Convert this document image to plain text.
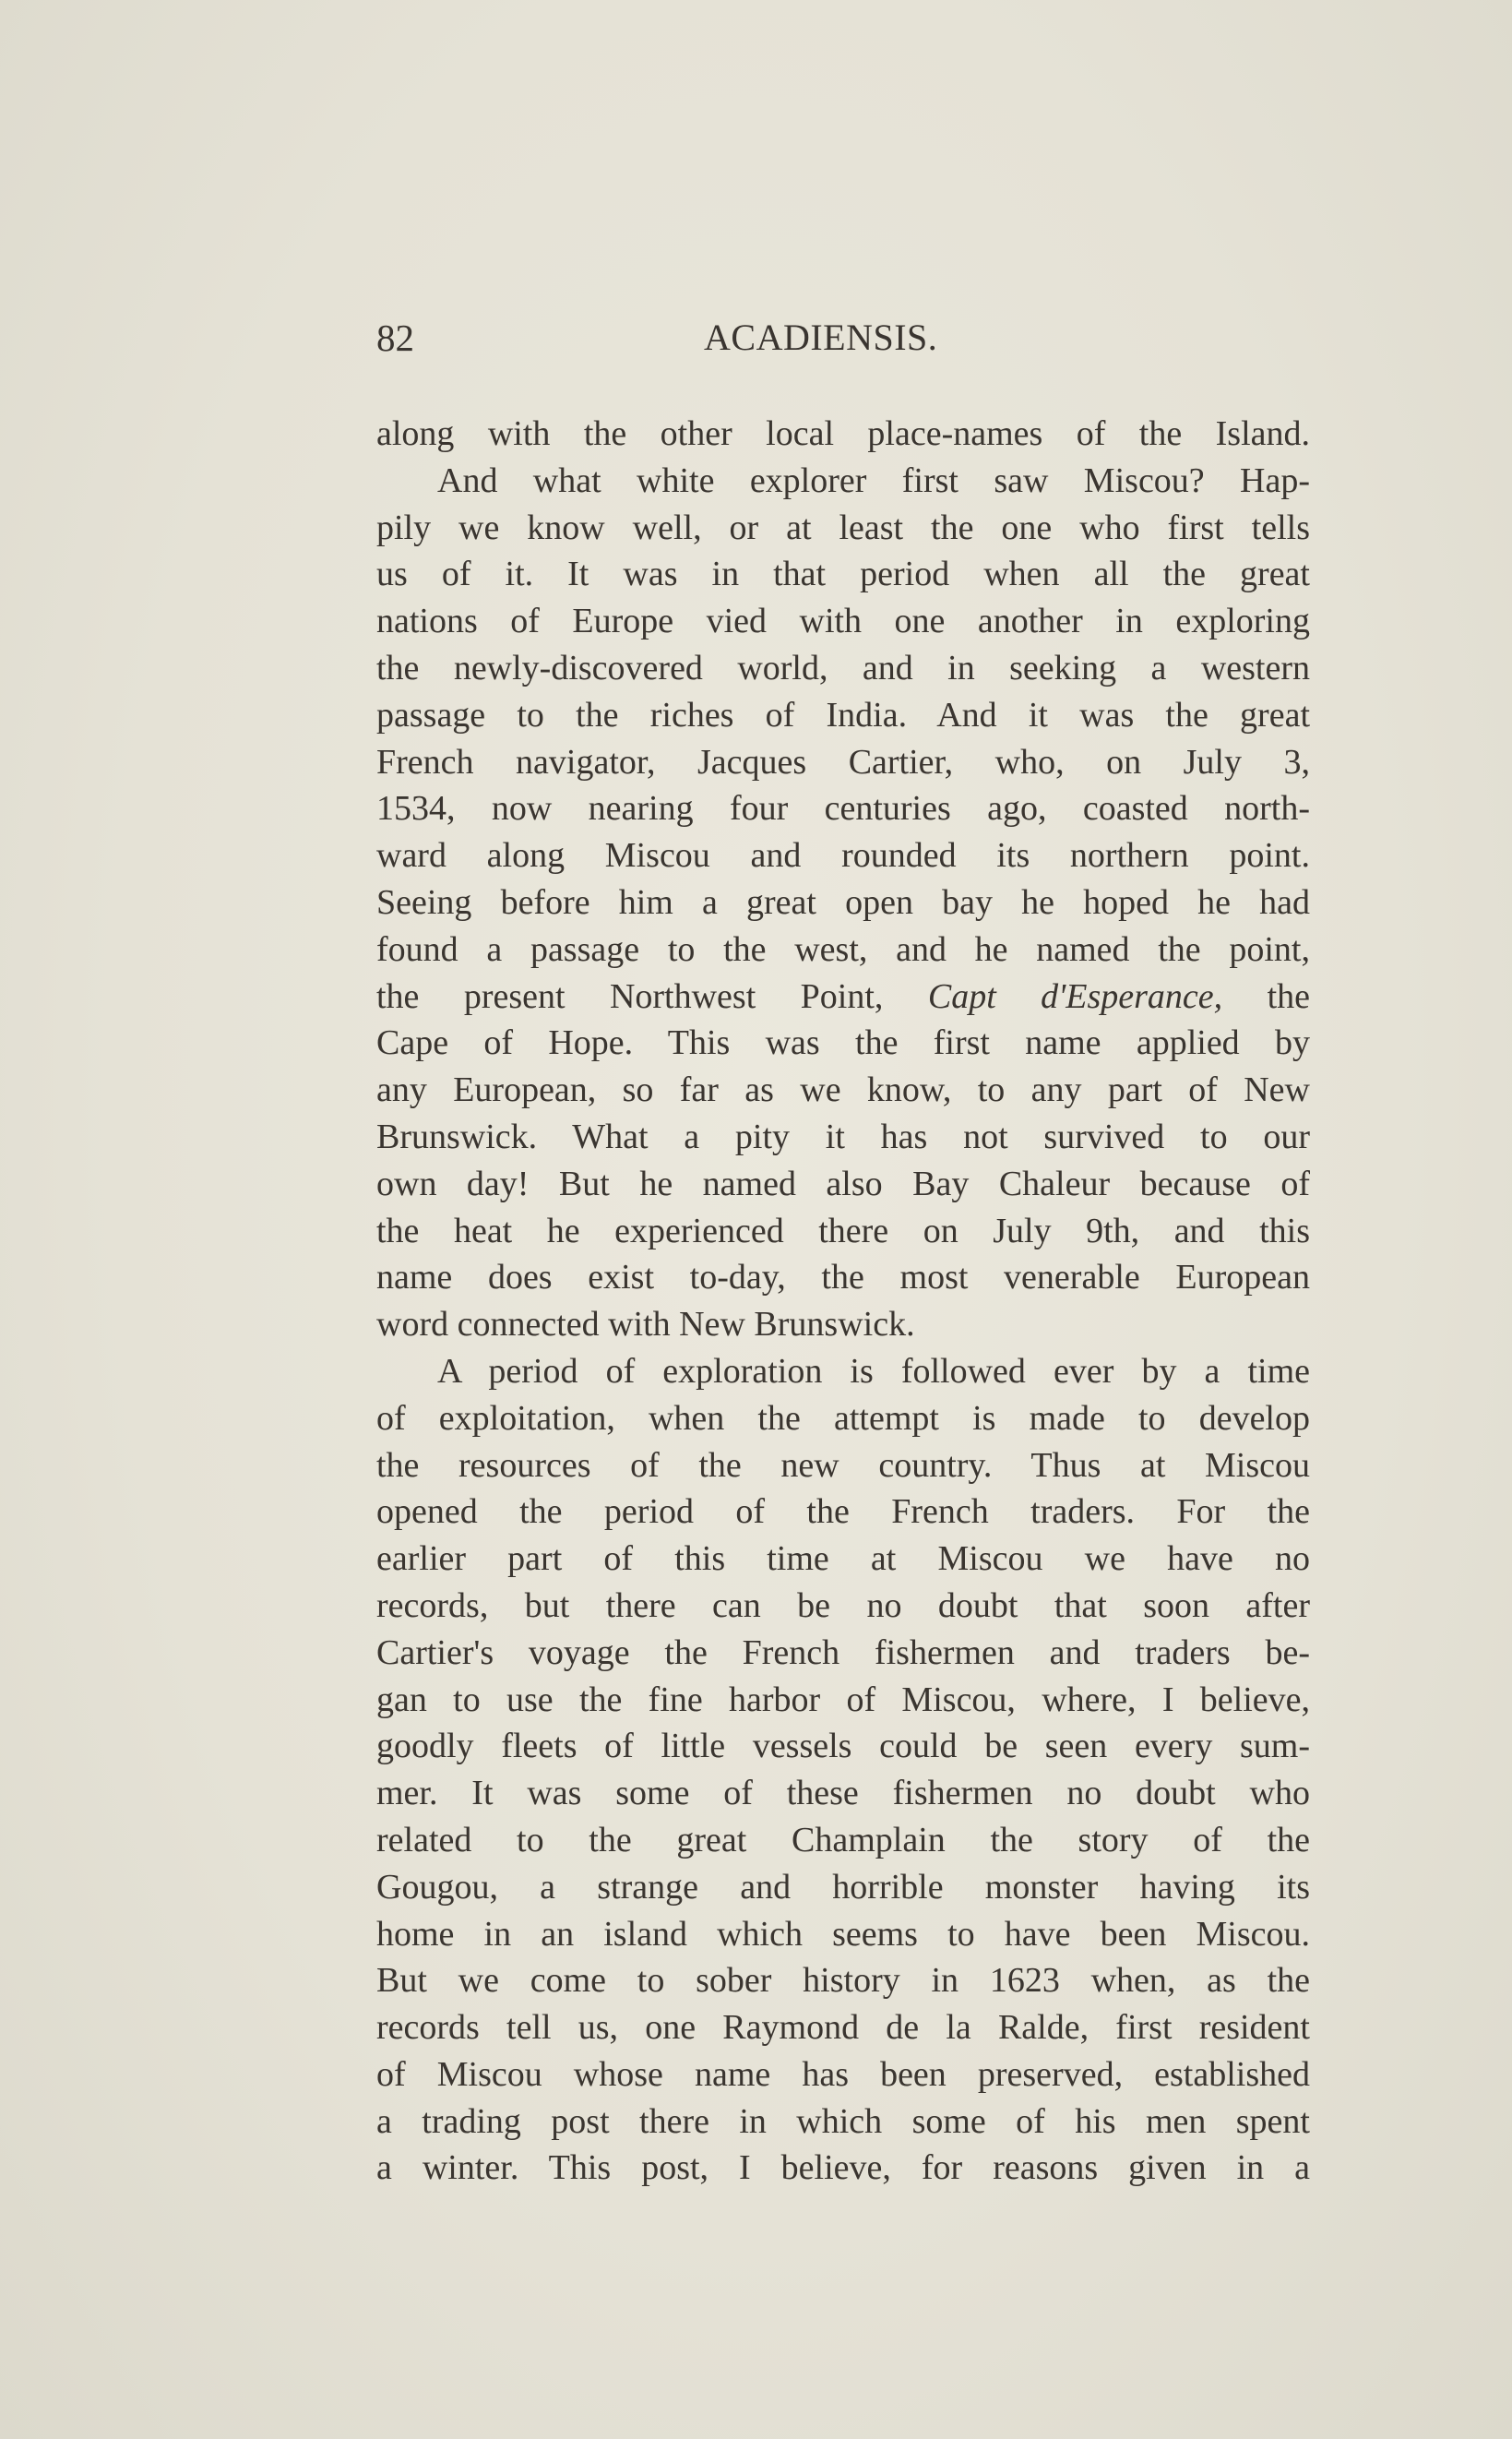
82	ACADIENSIS.
along with the other local place-names of the Island.
And what white explorer first saw Miscou? Hap-
pily we know well, or at least the one who first tells
us of it. It was in that period when all the great
nations of Europe vied with one another in exploring
the newly-discovered world, and in seeking a western
passage to the riches of India. And it was the great
French navigator, Jacques Cartier, who, on July 3,
1534, now nearing four centuries ago, coasted north-
ward along Miscou and rounded its northern point.
Seeing before him a great open bay he hoped he had
found a passage to the west, and he named the point,
the present Northwest Point, Capt d'Esperance, the
Cape of Hope. This was the first name applied by
any European, so far as we know, to any part of New
Brunswick. What a pity it has not survived to our
own day! But he named also Bay Chaleur because of
the heat he experienced there on July 9th, and this
name does exist to-day, the most venerable European
word connected with New Brunswick.
A period of exploration is followed ever by a time
of exploitation, when the attempt is made to develop
the resources of the new country. Thus at Miscou
opened the period of the French traders. For the
earlier part of this time at Miscou we have no
records, but there can be no doubt that soon after
Cartier's voyage the French fishermen and traders be-
gan to use the fine harbor of Miscou, where, I believe,
goodly fleets of little vessels could be seen every sum-
mer. It was some of these fishermen no doubt who
related to the great Champlain the story of the
Gougou, a strange and horrible monster having its
home in an island which seems to have been Miscou.
But we come to sober history in 1623 when, as the
records tell us, one Raymond de la Ralde, first resident
of Miscou whose name has been preserved, established
a trading post there in which some of his men spent
a winter. This post, I believe, for reasons given in a
